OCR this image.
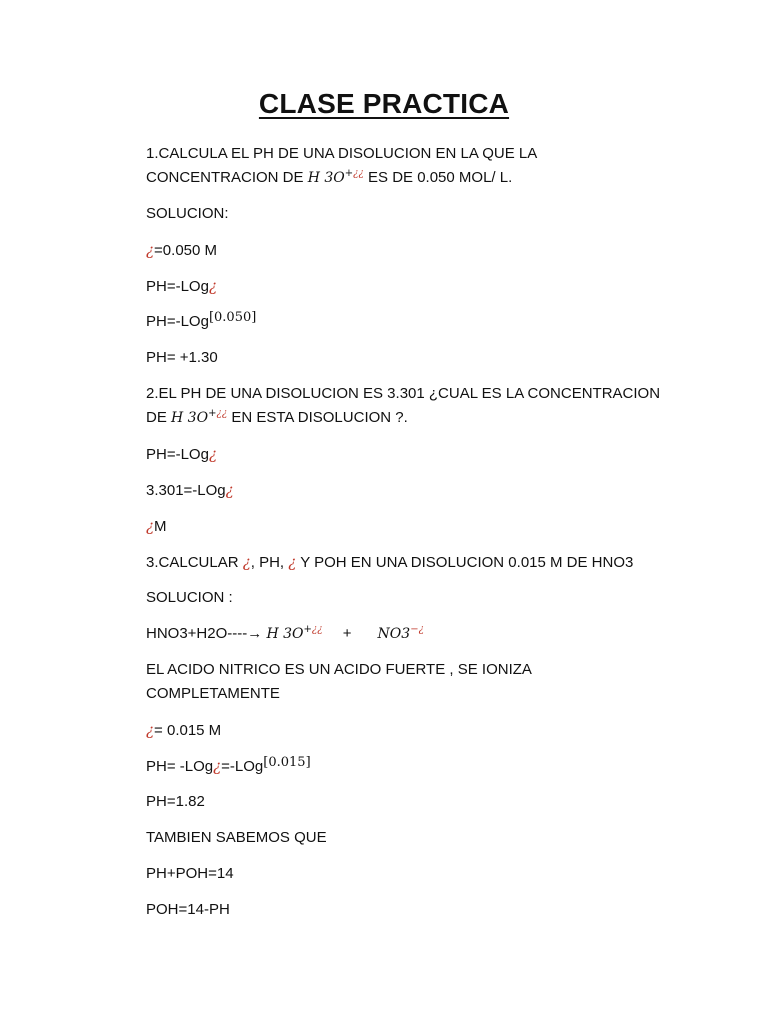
CLASE PRACTICA
1.CALCULA EL PH DE UNA DISOLUCION EN LA QUE LA
CONCENTRACION DE H 3O+¿¿ ES DE 0.050 MOL/ L.
SOLUCION:
¿=0.050 M
PH=-LOg¿
PH=-LOg[0.050]
PH= +1.30
2.EL PH DE UNA DISOLUCION ES 3.301 ¿CUAL ES LA CONCENTRACION
DE H 3O+¿¿ EN ESTA DISOLUCION ?.
PH=-LOg¿
3.301=-LOg¿
¿M
3.CALCULAR ¿, PH, ¿ Y POH EN UNA DISOLUCION 0.015 M DE HNO3
SOLUCION :
HNO3+H2O----→ H 3O+¿¿ + NO3−¿
EL ACIDO NITRICO ES UN ACIDO FUERTE , SE IONIZA
COMPLETAMENTE
¿= 0.015 M
PH= -LOg¿=-LOg[0.015]
PH=1.82
TAMBIEN SABEMOS QUE
PH+POH=14
POH=14-PH
